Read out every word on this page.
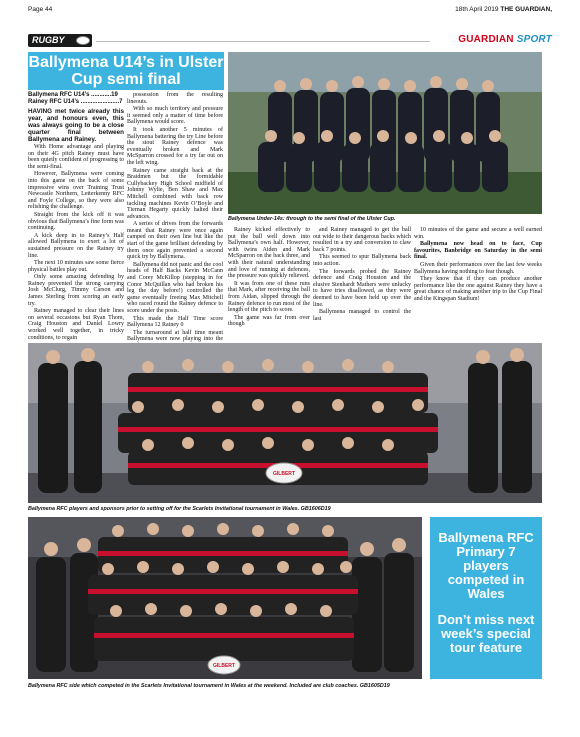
Page 44	18th April 2019 THE GUARDIAN,
RUGBY	GUARDIAN SPORT
Ballymena U14’s in Ulster Cup semi final
Ballymena RFC U14’s ............19
Rainey RFC U14’s .......................7

HAVING met twice already this year, and honours even, this was always going to be a close quarter final between Ballymena and Rainey.

With Home advantage and playing on their 4G pitch Rainey must have been quietly confident of progressing to the semi-final.

However, Ballymena were coming into this game on the back of some impressive wins over Training Trust Newcastle Northern, Letterkenny RFC and Foyle College, so they were also relishing the challenge.

Straight from the kick off it was obvious that Ballymena’s fine form was continuing.

A kick deep in to Rainey’s Half allowed Ballymena to exert a lot of sustained pressure on the Rainey try line.

The next 10 minutes saw some fierce physical battles play out.

Only some amazing defending by Rainey prevented the strong carrying Josh McClurg, Timmy Carson and James Sterling from scoring an early try.

Rainey managed to clear their lines on several occasions but Ryan Thom, Craig Houston and Daniel Lowry worked well together, in tricky conditions, to regain

possession from the resulting lineouts.

With so much territory and pressure it seemed only a matter of time before Ballymena would score.

It took another 5 minutes of Ballymena battering the try Line before the stout Rainey defence was eventually broken and Mark McSparron crossed for a try far out on the left wing.

Rainey came straight back at the Braidmen but the formidable Cullybackey High School midfield of Johnny Wylie, Ben Shaw and Max Mitchell combined with back row tackling machines Kevin O’Boyle and Tiernan Hegarty quickly halted their advances.

A series of drives from the forwards meant that Rainey were once again camped on their own line but like the start of the game brilliant defending by them once again prevented a second quick try by Ballymena.

Ballymena did not panic and the cool heads of Half Backs Kevin McCann and Corey McKillop (stepping in for Conor McQuillan who had broken his leg the day before!) controlled the game eventually freeing Max Mitchell who raced round the Rainey defence to score under the posts.

This made the Half Time score Ballymena 12 Rainey 0

The turnaround at half time meant Ballymena were now playing into the

Ballymena Under-14s: through to the semi final of the Ulster Cup.

Rainey kicked effectively to put the ball well down into Ballymena’s own half. However, with twins Aiden and Mark McSparron on the back three, and with their natural understanding and love of running at defences, the pressure was quickly relieved.

It was from one of these runs that Mark, after receiving the ball from Aidan, slipped through the Rainey defence to run most of the length of the pitch to score.

The game was far from over though

and Rainey managed to get the ball out wide to their dangerous backs which resulted in a try and conversion to claw back 7 points.

This seemed to spur Ballymena back into action.

The forwards probed the Rainey defence and Craig Houston and the elusive Stenhardt Mathers were unlucky to have tries disallowed, as they were deemed to have been held up over the line.

Ballymena managed to control the last

10 minutes of the game and secure a well earned win.

Ballymena now head on to face, Cup favourites, Banbridge on Saturday in the semi final.

Given their performances over the last few weeks Ballymena having nothing to fear though.

They know that if they can produce another performance like the one against Rainey they have a great chance of making another trip to the Cup Final and the Kingspan Stadium!

GILBERT
Ballymena RFC players and sponsors prior to setting off for the Scarlets Invitational tournament in Wales. GB1606D19
GILBERT
Ballymena RFC side which competed in the Scarlets Invitational tournament in Wales at the weekend. Included are club coaches. GB1605D19
Ballymena RFC Primary 7 players competed in Wales
Don’t miss next week’s special tour feature
